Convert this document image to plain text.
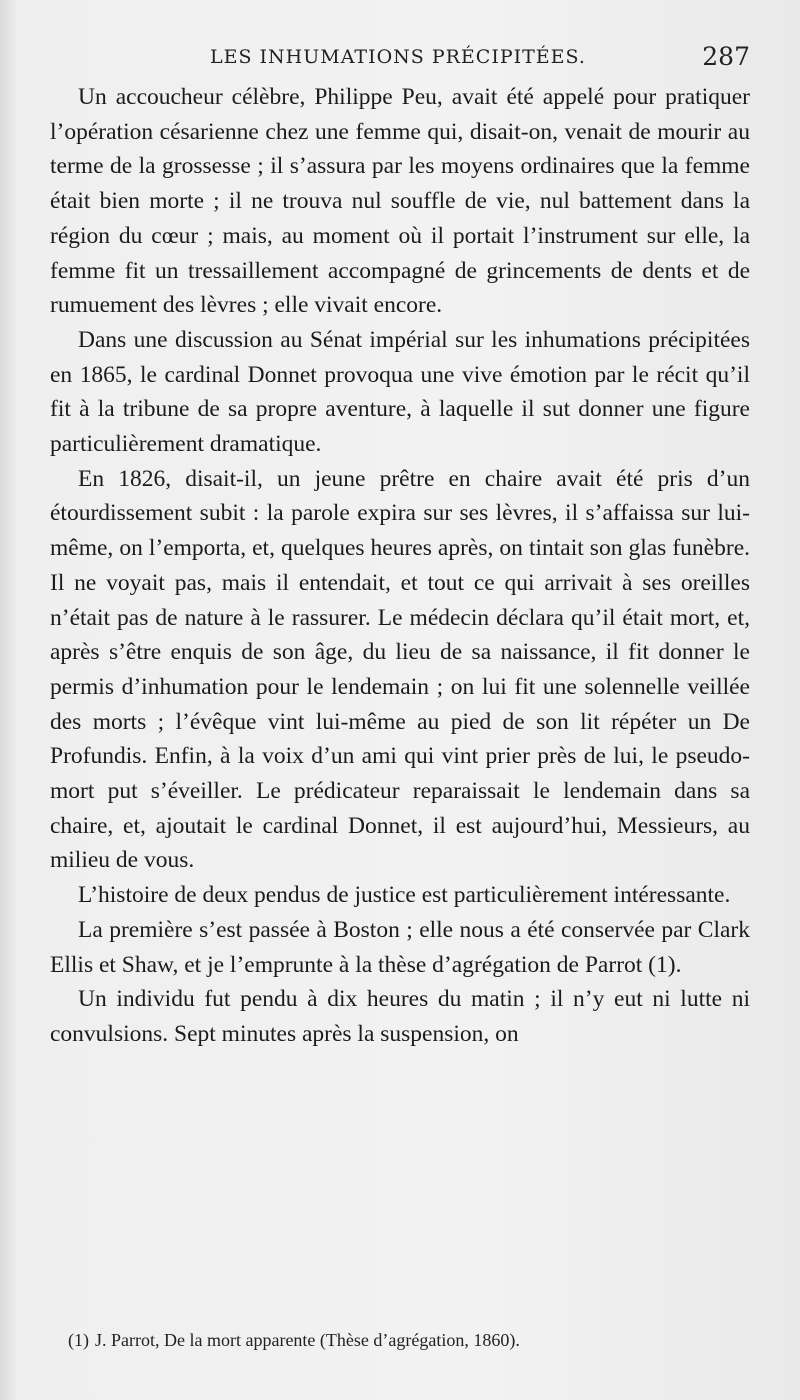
LES INHUMATIONS PRÉCIPITÉES.	287

Un accoucheur célèbre, Philippe Peu, avait été appelé pour pratiquer l’opération césarienne chez une femme qui, disait-on, venait de mourir au terme de la grossesse ; il s’assura par les moyens ordinaires que la femme était bien morte ; il ne trouva nul souffle de vie, nul battement dans la région du cœur ; mais, au moment où il portait l’instrument sur elle, la femme fit un tressaillement accompagné de grincements de dents et de rumuement des lèvres ; elle vivait encore.

Dans une discussion au Sénat impérial sur les inhumations précipitées en 1865, le cardinal Donnet provoqua une vive émotion par le récit qu’il fit à la tribune de sa propre aventure, à laquelle il sut donner une figure particulièrement dramatique.

En 1826, disait-il, un jeune prêtre en chaire avait été pris d’un étourdissement subit : la parole expira sur ses lèvres, il s’affaissa sur lui-même, on l’emporta, et, quelques heures après, on tintait son glas funèbre. Il ne voyait pas, mais il entendait, et tout ce qui arrivait à ses oreilles n’était pas de nature à le rassurer. Le médecin déclara qu’il était mort, et, après s’être enquis de son âge, du lieu de sa naissance, il fit donner le permis d’inhumation pour le lendemain ; on lui fit une solennelle veillée des morts ; l’évêque vint lui-même au pied de son lit répéter un De Profundis. Enfin, à la voix d’un ami qui vint prier près de lui, le pseudo-mort put s’éveiller. Le prédicateur reparaissait le lendemain dans sa chaire, et, ajoutait le cardinal Donnet, il est aujourd’hui, Messieurs, au milieu de vous.

L’histoire de deux pendus de justice est particulièrement intéressante.

La première s’est passée à Boston ; elle nous a été conservée par Clark Ellis et Shaw, et je l’emprunte à la thèse d’agrégation de Parrot (1).

Un individu fut pendu à dix heures du matin ; il n’y eut ni lutte ni convulsions. Sept minutes après la suspension, on

(1) J. Parrot, De la mort apparente (Thèse d’agrégation, 1860).
